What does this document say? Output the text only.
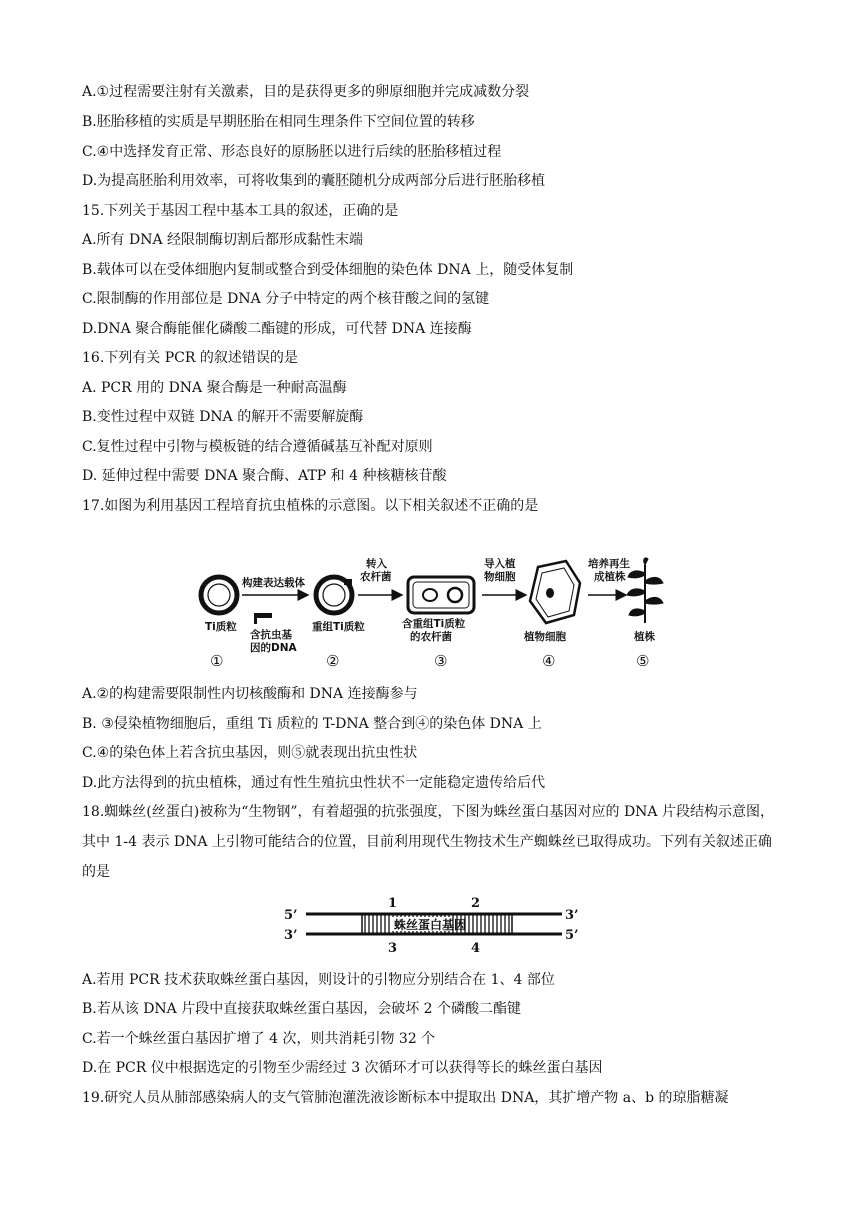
A.①过程需要注射有关激素，目的是获得更多的卵原细胞并完成减数分裂
B.胚胎移植的实质是早期胚胎在相同生理条件下空间位置的转移
C.④中选择发育正常、形态良好的原肠胚以进行后续的胚胎移植过程
D.为提高胚胎利用效率，可将收集到的囊胚随机分成两部分后进行胚胎移植
15.下列关于基因工程中基本工具的叙述，正确的是
A.所有 DNA 经限制酶切割后都形成黏性末端
B.载体可以在受体细胞内复制或整合到受体细胞的染色体 DNA 上，随受体复制
C.限制酶的作用部位是 DNA 分子中特定的两个核苷酸之间的氢键
D.DNA 聚合酶能催化磷酸二酯键的形成，可代替 DNA 连接酶
16.下列有关 PCR 的叙述错误的是
A. PCR 用的 DNA 聚合酶是一种耐高温酶
B.变性过程中双链 DNA 的解开不需要解旋酶
C.复性过程中引物与模板链的结合遵循碱基互补配对原则
D. 延伸过程中需要 DNA 聚合酶、ATP 和 4 种核糖核苷酸
17.如图为利用基因工程培育抗虫植株的示意图。以下相关叙述不正确的是
Ti质粒
①
构建表达载体
含抗虫基
因的DNA
重组Ti质粒
②
转入
农杆菌
含重组Ti质粒
的农杆菌
③
导入植
物细胞
植物细胞
④
培养再生
成植株
植株
⑤
A.②的构建需要限制性内切核酸酶和 DNA 连接酶参与
B. ③侵染植物细胞后，重组 Ti 质粒的 T-DNA 整合到④的染色体 DNA 上
C.④的染色体上若含抗虫基因，则⑤就表现出抗虫性状
D.此方法得到的抗虫植株，通过有性生殖抗虫性状不一定能稳定遗传给后代
18.蜘蛛丝(丝蛋白)被称为“生物钢”，有着超强的抗张强度，下图为蛛丝蛋白基因对应的 DNA 片段结构示意图，其中 1-4 表示 DNA 上引物可能结合的位置，目前利用现代生物技术生产蜘蛛丝已取得成功。下列有关叙述正确的是
蛛丝蛋白基因
5’	3’
3’	5’
1	2
3	4
A.若用 PCR 技术获取蛛丝蛋白基因，则设计的引物应分别结合在 1、4 部位
B.若从该 DNA 片段中直接获取蛛丝蛋白基因，会破坏 2 个磷酸二酯键
C.若一个蛛丝蛋白基因扩增了 4 次，则共消耗引物 32 个
D.在 PCR 仪中根据选定的引物至少需经过 3 次循环才可以获得等长的蛛丝蛋白基因
19.研究人员从肺部感染病人的支气管肺泡灌洗液诊断标本中提取出 DNA，其扩增产物 a、b 的琼脂糖凝
